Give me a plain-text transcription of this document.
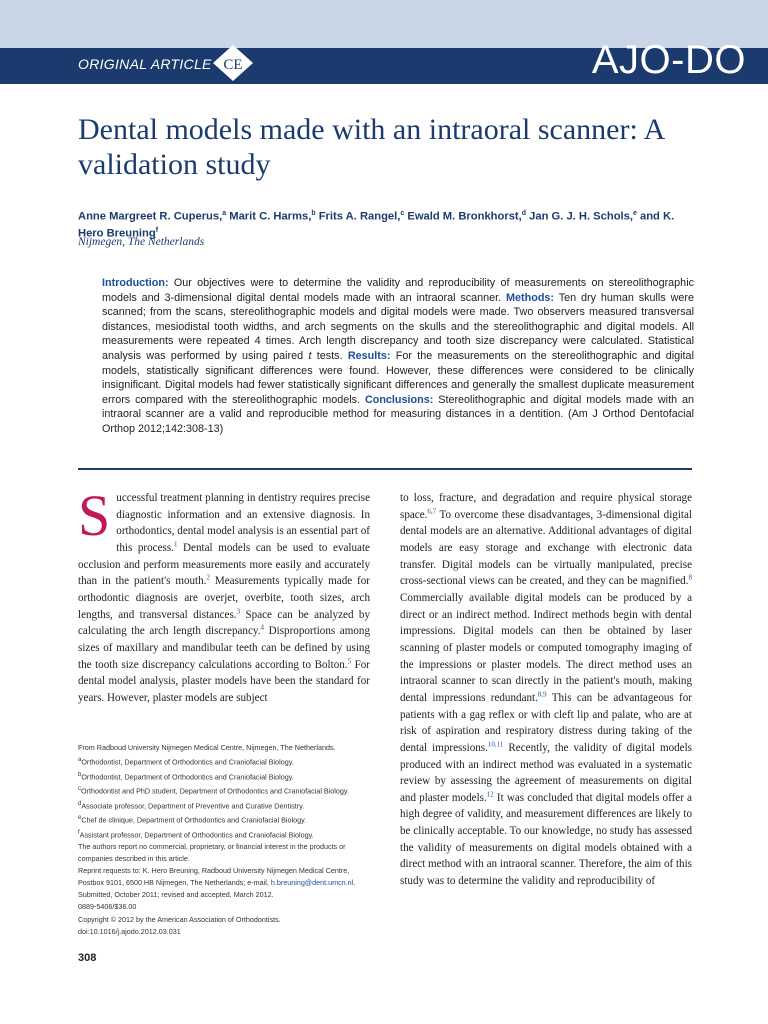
ORIGINAL ARTICLE CE	AJO-DO
Dental models made with an intraoral scanner: A validation study

Anne Margreet R. Cuperus,$^a$ Marit C. Harms,$^b$ Frits A. Rangel,$^c$ Ewald M. Bronkhorst,$^d$ Jan G. J. H. Schols,$^e$ and K. Hero Breuning$^f$

Nijmegen, The Netherlands

Introduction: Our objectives were to determine the validity and reproducibility of measurements on stereolithographic models and 3-dimensional digital dental models made with an intraoral scanner. Methods: Ten dry human skulls were scanned; from the scans, stereolithographic models and digital models were made. Two observers measured transversal distances, mesiodistal tooth widths, and arch segments on the skulls and the stereolithographic and digital models. All measurements were repeated 4 times. Arch length discrepancy and tooth size discrepancy were calculated. Statistical analysis was performed by using paired t tests. Results: For the measurements on the stereolithographic and digital models, statistically significant differences were found. However, these differences were considered to be clinically insignificant. Digital models had fewer statistically significant differences and generally the smallest duplicate measurement errors compared with the stereolithographic models. Conclusions: Stereolithographic and digital models made with an intraoral scanner are a valid and reproducible method for measuring distances in a dentition. (Am J Orthod Dentofacial Orthop 2012;142:308-13)

Successful treatment planning in dentistry requires precise diagnostic information and an extensive diagnosis. In orthodontics, dental model analysis is an essential part of this process.$^1$ Dental models can be used to evaluate occlusion and perform measurements more easily and accurately than in the patient's mouth.$^2$ Measurements typically made for orthodontic diagnosis are overjet, overbite, tooth sizes, arch lengths, and transversal distances.$^3$ Space can be analyzed by calculating the arch length discrepancy.$^4$ Disproportions among sizes of maxillary and mandibular teeth can be defined by using the tooth size discrepancy calculations according to Bolton.$^5$ For dental model analysis, plaster models have been the standard for years. However, plaster models are subject

From Radboud University Nijmegen Medical Centre, Nijmegen, The Netherlands.

$^a$Orthodontist, Department of Orthodontics and Craniofacial Biology.

$^b$Orthodontist, Department of Orthodontics and Craniofacial Biology.

$^c$Orthodontist and PhD student, Department of Orthodontics and Craniofacial Biology.

$^d$Associate professor, Department of Preventive and Curative Dentistry.

$^e$Chef de clinique, Department of Orthodontics and Craniofacial Biology.

$^f$Assistant professor, Department of Orthodontics and Craniofacial Biology.

The authors report no commercial, proprietary, or financial interest in the products or companies described in this article.

Reprint requests to: K. Hero Breuning, Radboud University Nijmegen Medical Centre, Postbox 9101, 6500 HB Nijmegen, The Netherlands; e-mail, h.breuning@dent.umcn.nl.

Submitted, October 2011; revised and accepted, March 2012.

0889-5406/$36.00

Copyright © 2012 by the American Association of Orthodontists.

doi:10.1016/j.ajodo.2012.03.031

to loss, fracture, and degradation and require physical storage space.$^{6,7}$ To overcome these disadvantages, 3-dimensional digital dental models are an alternative. Additional advantages of digital models are easy storage and exchange with electronic data transfer. Digital models can be virtually manipulated, precise cross-sectional views can be created, and they can be magnified.$^8$ Commercially available digital models can be produced by a direct or an indirect method. Indirect methods begin with dental impressions. Digital models can then be obtained by laser scanning of plaster models or computed tomography imaging of the impressions or plaster models. The direct method uses an intraoral scanner to scan directly in the patient's mouth, making dental impressions redundant.$^{8,9}$ This can be advantageous for patients with a gag reflex or with cleft lip and palate, who are at risk of aspiration and respiratory distress during taking of the dental impressions.$^{10,11}$ Recently, the validity of digital models produced with an indirect method was evaluated in a systematic review by assessing the agreement of measurements on digital and plaster models.$^{12}$ It was concluded that digital models offer a high degree of validity, and measurement differences are likely to be clinically acceptable. To our knowledge, no study has assessed the validity of measurements on digital models obtained with a direct method with an intraoral scanner. Therefore, the aim of this study was to determine the validity and reproducibility of

308
